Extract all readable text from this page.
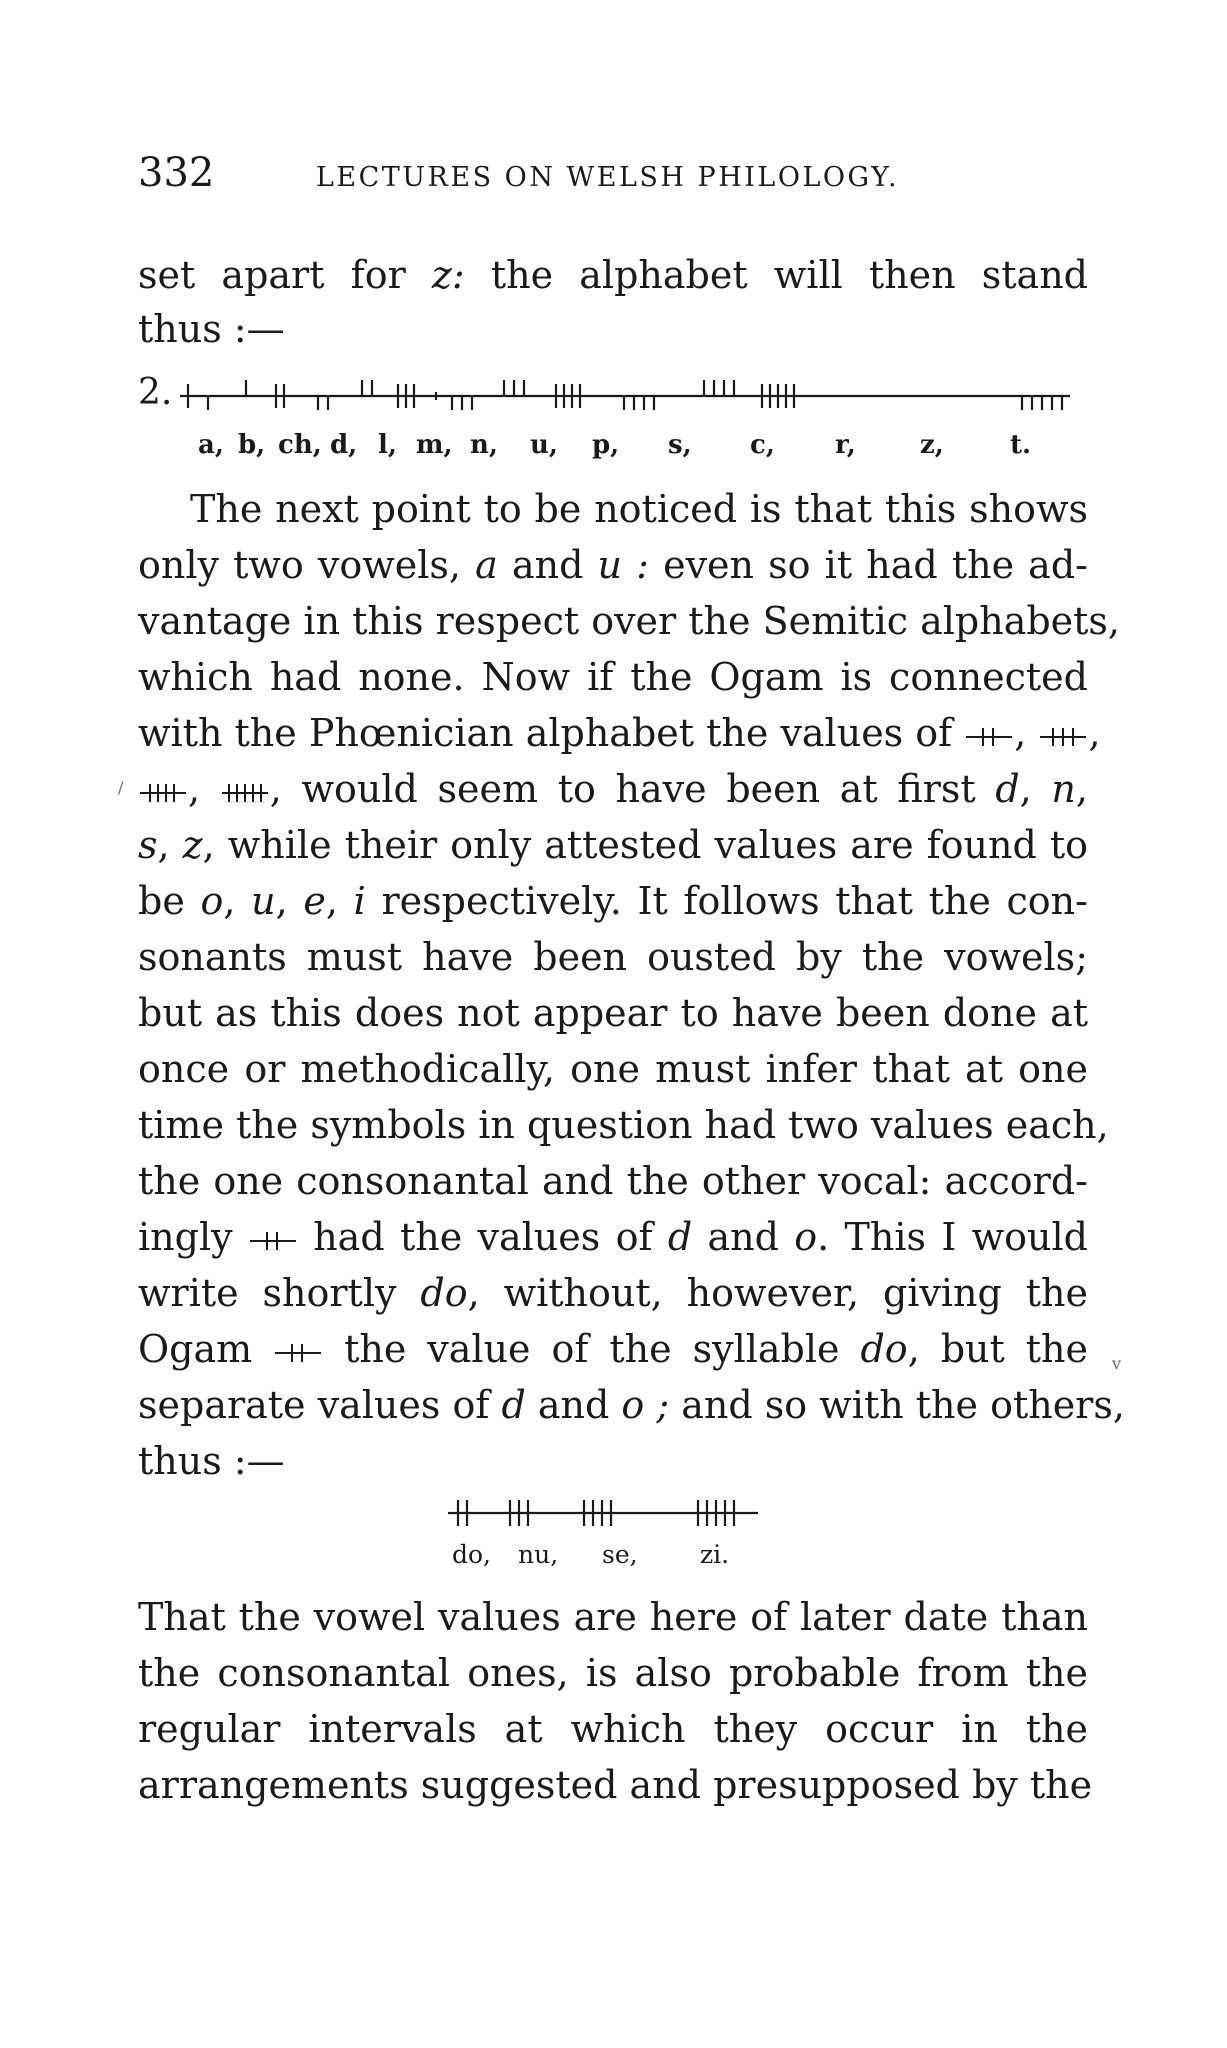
332	LECTURES ON WELSH PHILOLOGY.
set apart for z: the alphabet will then stand
thus :—
2.
a, b, ch, d, l, m, n, u, p, s, c, r, z,	t.
The next point to be noticed is that this shows
only two vowels, a and u : even so it had the ad-
vantage in this respect over the Semitic alphabets,
which had none. Now if the Ogam is connected
with the Phœnician alphabet the values of , ,
, , would seem to have been at first d, n,
s, z, while their only attested values are found to
be o, u, e, i respectively. It follows that the con-
sonants must have been ousted by the vowels;
but as this does not appear to have been done at
once or methodically, one must infer that at one
time the symbols in question had two values each,
the one consonantal and the other vocal: accord-
ingly  had the values of d and o. This I would
write shortly do, without, however, giving the
Ogam  the value of the syllable do, but the
separate values of d and o ; and so with the others,
thus :—
do, nu, se, zi.
That the vowel values are here of later date than
the consonantal ones, is also probable from the
regular intervals at which they occur in the
arrangements suggested and presupposed by the
/
v
